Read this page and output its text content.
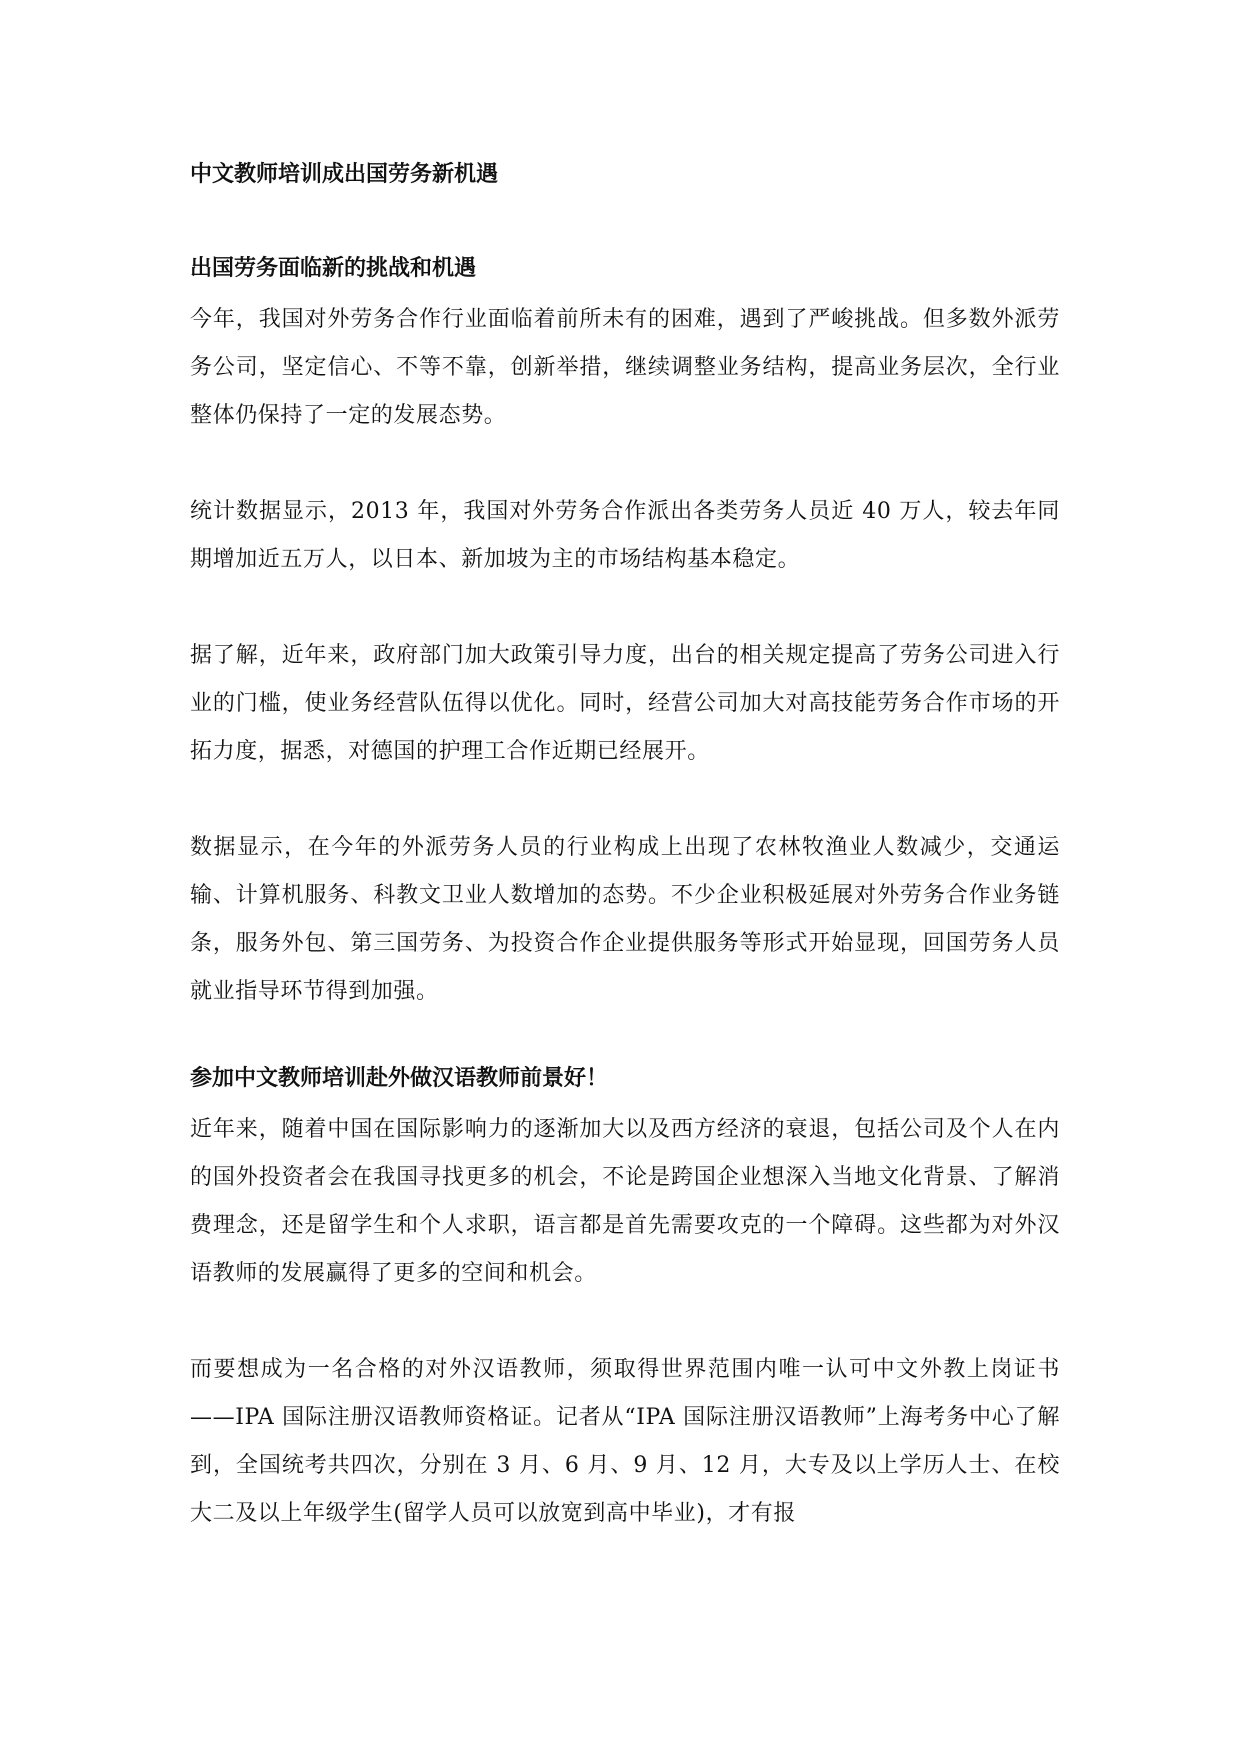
中文教师培训成出国劳务新机遇
出国劳务面临新的挑战和机遇

今年，我国对外劳务合作行业面临着前所未有的困难，遇到了严峻挑战。但多数外派劳务公司，坚定信心、不等不靠，创新举措，继续调整业务结构，提高业务层次，全行业整体仍保持了一定的发展态势。

统计数据显示，2013 年，我国对外劳务合作派出各类劳务人员近 40 万人，较去年同期增加近五万人，以日本、新加坡为主的市场结构基本稳定。

据了解，近年来，政府部门加大政策引导力度，出台的相关规定提高了劳务公司进入行业的门槛，使业务经营队伍得以优化。同时，经营公司加大对高技能劳务合作市场的开拓力度，据悉，对德国的护理工合作近期已经展开。

数据显示，在今年的外派劳务人员的行业构成上出现了农林牧渔业人数减少，交通运输、计算机服务、科教文卫业人数增加的态势。不少企业积极延展对外劳务合作业务链条，服务外包、第三国劳务、为投资合作企业提供服务等形式开始显现，回国劳务人员就业指导环节得到加强。

参加中文教师培训赴外做汉语教师前景好！

近年来，随着中国在国际影响力的逐渐加大以及西方经济的衰退，包括公司及个人在内的国外投资者会在我国寻找更多的机会，不论是跨国企业想深入当地文化背景、了解消费理念，还是留学生和个人求职，语言都是首先需要攻克的一个障碍。这些都为对外汉语教师的发展赢得了更多的空间和机会。

而要想成为一名合格的对外汉语教师，须取得世界范围内唯一认可中文外教上岗证书——IPA 国际注册汉语教师资格证。记者从“IPA 国际注册汉语教师”上海考务中心了解到，全国统考共四次，分别在 3 月、6 月、9 月、12 月，大专及以上学历人士、在校大二及以上年级学生(留学人员可以放宽到高中毕业)，才有报
